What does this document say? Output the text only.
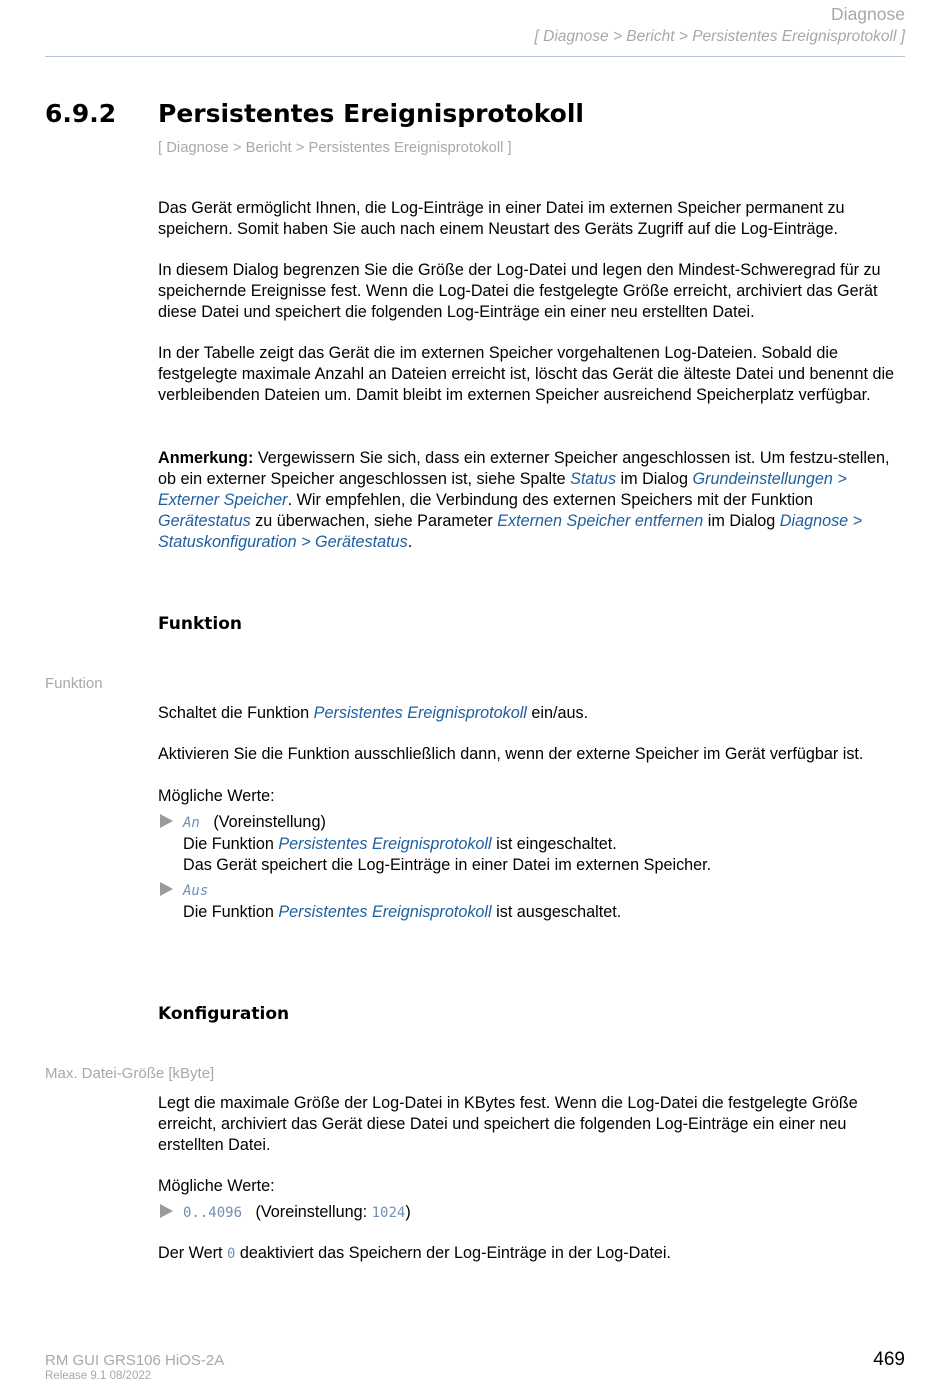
Diagnose
[ Diagnose > Bericht > Persistentes Ereignisprotokoll ]
6.9.2 Persistentes Ereignisprotokoll
[ Diagnose > Bericht > Persistentes Ereignisprotokoll ]
Das Gerät ermöglicht Ihnen, die Log-Einträge in einer Datei im externen Speicher permanent zu speichern. Somit haben Sie auch nach einem Neustart des Geräts Zugriff auf die Log-Einträge.
In diesem Dialog begrenzen Sie die Größe der Log-Datei und legen den Mindest-Schweregrad für zu speichernde Ereignisse fest. Wenn die Log-Datei die festgelegte Größe erreicht, archiviert das Gerät diese Datei und speichert die folgenden Log-Einträge ein einer neu erstellten Datei.
In der Tabelle zeigt das Gerät die im externen Speicher vorgehaltenen Log-Dateien. Sobald die festgelegte maximale Anzahl an Dateien erreicht ist, löscht das Gerät die älteste Datei und benennt die verbleibenden Dateien um. Damit bleibt im externen Speicher ausreichend Speicherplatz verfügbar.
Anmerkung: Vergewissern Sie sich, dass ein externer Speicher angeschlossen ist. Um festzu-stellen, ob ein externer Speicher angeschlossen ist, siehe Spalte Status im Dialog Grundeinstellungen > Externer Speicher. Wir empfehlen, die Verbindung des externen Speichers mit der Funktion Gerätestatus zu überwachen, siehe Parameter Externen Speicher entfernen im Dialog Diagnose > Statuskonfiguration > Gerätestatus.
Funktion
Funktion
Schaltet die Funktion Persistentes Ereignisprotokoll ein/aus.
Aktivieren Sie die Funktion ausschließlich dann, wenn der externe Speicher im Gerät verfügbar ist.
Mögliche Werte:
An (Voreinstellung)
Die Funktion Persistentes Ereignisprotokoll ist eingeschaltet.
Das Gerät speichert die Log-Einträge in einer Datei im externen Speicher.
Aus
Die Funktion Persistentes Ereignisprotokoll ist ausgeschaltet.
Konfiguration
Max. Datei-Größe [kByte]
Legt die maximale Größe der Log-Datei in KBytes fest. Wenn die Log-Datei die festgelegte Größe erreicht, archiviert das Gerät diese Datei und speichert die folgenden Log-Einträge ein einer neu erstellten Datei.
Mögliche Werte:
0..4096 (Voreinstellung: 1024)
Der Wert 0 deaktiviert das Speichern der Log-Einträge in der Log-Datei.
RM GUI GRS106 HiOS-2A
Release 9.1 08/2022
469
